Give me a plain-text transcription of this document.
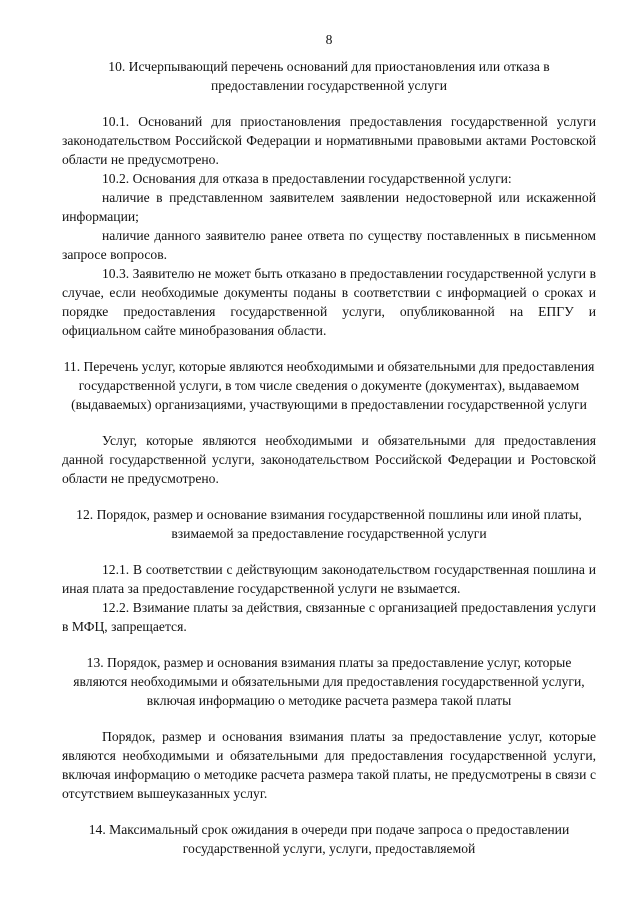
8
10. Исчерпывающий перечень оснований для приостановления или отказа в предоставлении государственной услуги

10.1. Оснований для приостановления предоставления государственной услуги законодательством Российской Федерации и нормативными правовыми актами Ростовской области не предусмотрено.

10.2. Основания для отказа в предоставлении государственной услуги:

наличие в представленном заявителем заявлении недостоверной или искаженной информации;

наличие данного заявителю ранее ответа по существу поставленных в письменном запросе вопросов.

10.3. Заявителю не может быть отказано в предоставлении государственной услуги в случае, если необходимые документы поданы в соответствии с информацией о сроках и порядке предоставления государственной услуги, опубликованной на ЕПГУ и официальном сайте минобразования области.

11. Перечень услуг, которые являются необходимыми и обязательными для предоставления государственной услуги, в том числе сведения о документе (документах), выдаваемом (выдаваемых) организациями, участвующими в предоставлении государственной услуги

Услуг, которые являются необходимыми и обязательными для предоставления данной государственной услуги, законодательством Российской Федерации и Ростовской области не предусмотрено.

12. Порядок, размер и основание взимания государственной пошлины или иной платы, взимаемой за предоставление государственной услуги

12.1. В соответствии с действующим законодательством государственная пошлина и иная плата за предоставление государственной услуги не взымается.

12.2. Взимание платы за действия, связанные с организацией предоставления услуги в МФЦ, запрещается.

13. Порядок, размер и основания взимания платы за предоставление услуг, которые являются необходимыми и обязательными для предоставления государственной услуги, включая информацию о методике расчета размера такой платы

Порядок, размер и основания взимания платы за предоставление услуг, которые являются необходимыми и обязательными для предоставления государственной услуги, включая информацию о методике расчета размера такой платы, не предусмотрены в связи с отсутствием вышеуказанных услуг.

14. Максимальный срок ожидания в очереди при подаче запроса о предоставлении государственной услуги, услуги, предоставляемой
